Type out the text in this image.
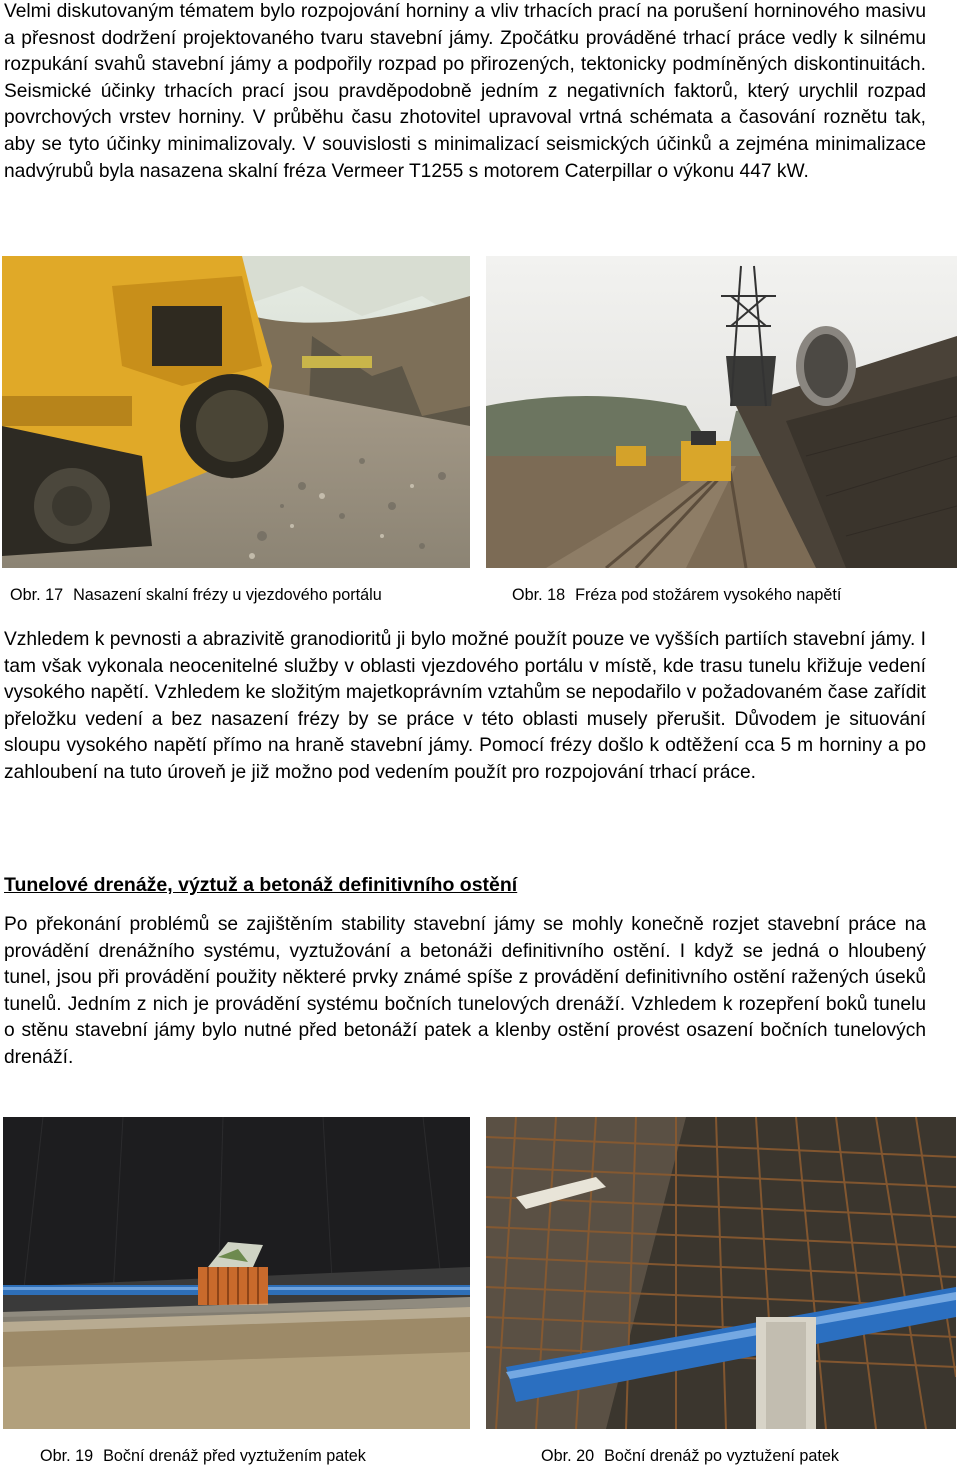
Velmi diskutovaným tématem bylo rozpojování horniny a vliv trhacích prací na porušení horninového masivu a přesnost dodržení projektovaného tvaru stavební jámy. Zpočátku prováděné trhací práce vedly k silnému rozpukání svahů stavební jámy a podpořily rozpad po přirozených, tektonicky podmíněných diskontinuitách. Seismické účinky trhacích prací jsou pravděpodobně jedním z negativních faktorů, který urychlil rozpad povrchových vrstev horniny. V průběhu času zhotovitel upravoval vrtná schémata a časování roznětu tak, aby se tyto účinky minimalizovaly. V souvislosti s minimalizací seismických účinků a zejména minimalizace nadvýrubů byla nasazena skalní fréza Vermeer T1255 s motorem Caterpillar o výkonu 447 kW.

Obr. 17 Nasazení skalní frézy u vjezdového portálu	Obr. 18 Fréza pod stožárem vysokého napětí

Vzhledem k pevnosti a abrazivitě granodioritů ji bylo možné použít pouze ve vyšších partiích stavební jámy. I tam však vykonala neocenitelné služby v oblasti vjezdového portálu v místě, kde trasu tunelu křižuje vedení vysokého napětí. Vzhledem ke složitým majetkoprávním vztahům se nepodařilo v požadovaném čase zařídit přeložku vedení a bez nasazení frézy by se práce v této oblasti musely přerušit. Důvodem je situování sloupu vysokého napětí přímo na hraně stavební jámy. Pomocí frézy došlo k odtěžení cca 5 m horniny a po zahloubení na tuto úroveň je již možno pod vedením použít pro rozpojování trhací práce.

Tunelové drenáže, výztuž a betonáž definitivního ostění

Po překonání problémů se zajištěním stability stavební jámy se mohly konečně rozjet stavební práce na provádění drenážního systému, vyztužování a betonáži definitivního ostění. I když se jedná o hloubený tunel, jsou při provádění použity některé prvky známé spíše z provádění definitivního ostění ražených úseků tunelů. Jedním z nich je provádění systému bočních tunelových drenáží. Vzhledem k rozepření boků tunelu o stěnu stavební jámy bylo nutné před betonáží patek a klenby ostění provést osazení bočních tunelových drenáží.

Obr. 19 Boční drenáž před vyztužením patek	Obr. 20 Boční drenáž po vyztužení patek
